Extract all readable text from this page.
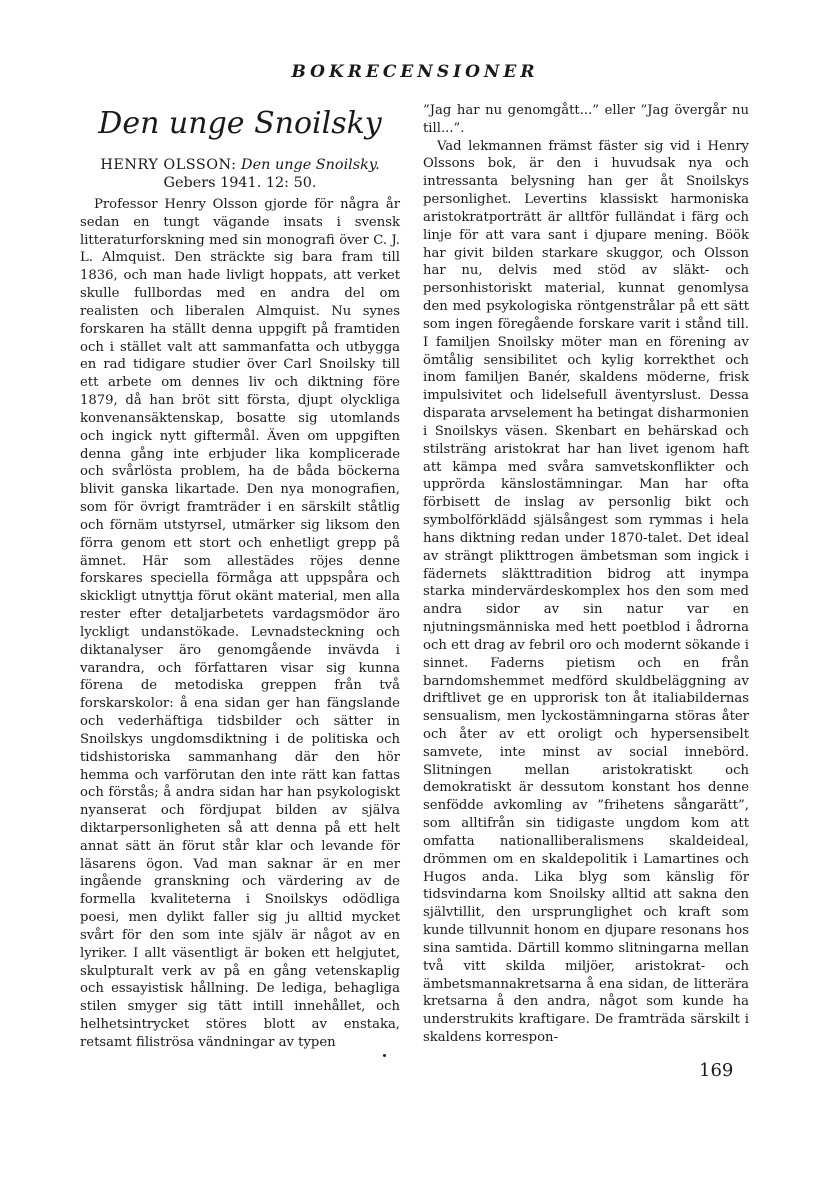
BOKRECENSIONER
Den unge Snoilsky
HENRY OLSSON: Den unge Snoilsky. Gebers 1941. 12: 50.

Professor Henry Olsson gjorde för några år sedan en tungt vägande insats i svensk litteraturforskning med sin monografi över C. J. L. Almquist. Den sträckte sig bara fram till 1836, och man hade livligt hoppats, att verket skulle fullbordas med en andra del om realisten och liberalen Almquist. Nu synes forskaren ha ställt denna uppgift på framtiden och i stället valt att sammanfatta och utbygga en rad tidigare studier över Carl Snoilsky till ett arbete om dennes liv och diktning före 1879, då han bröt sitt första, djupt olyckliga konvenansäktenskap, bosatte sig utomlands och ingick nytt giftermål. Även om uppgiften denna gång inte erbjuder lika komplicerade och svårlösta problem, ha de båda böckerna blivit ganska likartade. Den nya monografien, som för övrigt framträder i en särskilt ståtlig och förnäm utstyrsel, utmärker sig liksom den förra genom ett stort och enhetligt grepp på ämnet. Här som allestädes röjes denne forskares speciella förmåga att uppspåra och skickligt utnyttja förut okänt material, men alla rester efter detaljarbetets vardagsmödor äro lyckligt undanstökade. Levnadsteckning och diktanalyser äro genomgående invävda i varandra, och författaren visar sig kunna förena de metodiska greppen från två forskarskolor: å ena sidan ger han fängslande och vederhäftiga tidsbilder och sätter in Snoilskys ungdomsdiktning i de politiska och tidshistoriska sammanhang där den hör hemma och varförutan den inte rätt kan fattas och förstås; å andra sidan har han psykologiskt nyanserat och fördjupat bilden av själva diktarpersonligheten så att denna på ett helt annat sätt än förut står klar och levande för läsarens ögon. Vad man saknar är en mer ingående granskning och värdering av de formella kvaliteterna i Snoilskys odödliga poesi, men dylikt faller sig ju alltid mycket svårt för den som inte själv är något av en lyriker. I allt väsentligt är boken ett helgjutet, skulpturalt verk av på en gång vetenskaplig och essayistisk hållning. De lediga, behagliga stilen smyger sig tätt intill innehållet, och helhetsintrycket störes blott av enstaka, retsamt filiströsa vändningar av typen

”Jag har nu genomgått...” eller ”Jag övergår nu till...”.

Vad lekmannen främst fäster sig vid i Henry Olssons bok, är den i huvudsak nya och intressanta belysning han ger åt Snoilskys personlighet. Levertins klassiskt harmoniska aristokratporträtt är alltför fulländat i färg och linje för att vara sant i djupare mening. Böök har givit bilden starkare skuggor, och Olsson har nu, delvis med stöd av släkt- och personhistoriskt material, kunnat genomlysa den med psykologiska röntgenstrålar på ett sätt som ingen föregående forskare varit i stånd till. I familjen Snoilsky möter man en förening av ömtålig sensibilitet och kylig korrekthet och inom familjen Banér, skaldens möderne, frisk impulsivitet och lidelsefull äventyrslust. Dessa disparata arvselement ha betingat disharmonien i Snoilskys väsen. Skenbart en behärskad och stilsträng aristokrat har han livet igenom haft att kämpa med svåra samvetskonflikter och upprörda känslostämningar. Man har ofta förbisett de inslag av personlig bikt och symbolförklädd själsångest som rymmas i hela hans diktning redan under 1870-talet. Det ideal av strängt plikttrogen ämbetsman som ingick i fädernets släkttradition bidrog att inympa starka mindervärdeskomplex hos den som med andra sidor av sin natur var en njutningsmänniska med hett poetblod i ådrorna och ett drag av febril oro och modernt sökande i sinnet. Faderns pietism och en från barndomshemmet medförd skuldbeläggning av driftlivet ge en upprorisk ton åt italiabildernas sensualism, men lyckostämningarna störas åter och åter av ett oroligt och hypersensibelt samvete, inte minst av social innebörd. Slitningen mellan aristokratiskt och demokratiskt är dessutom konstant hos denne senfödde avkomling av ”frihetens sångarätt”, som alltifrån sin tidigaste ungdom kom att omfatta nationalliberalismens skaldeideal, drömmen om en skaldepolitik i Lamartines och Hugos anda. Lika blyg som känslig för tidsvindarna kom Snoilsky alltid att sakna den självtillit, den ursprunglighet och kraft som kunde tillvunnit honom en djupare resonans hos sina samtida. Därtill kommo slitningarna mellan två vitt skilda miljöer, aristokrat- och ämbetsmannakretsarna å ena sidan, de litterära kretsarna å den andra, något som kunde ha understrukits kraftigare. De framträda särskilt i skaldens korrespon-

169
